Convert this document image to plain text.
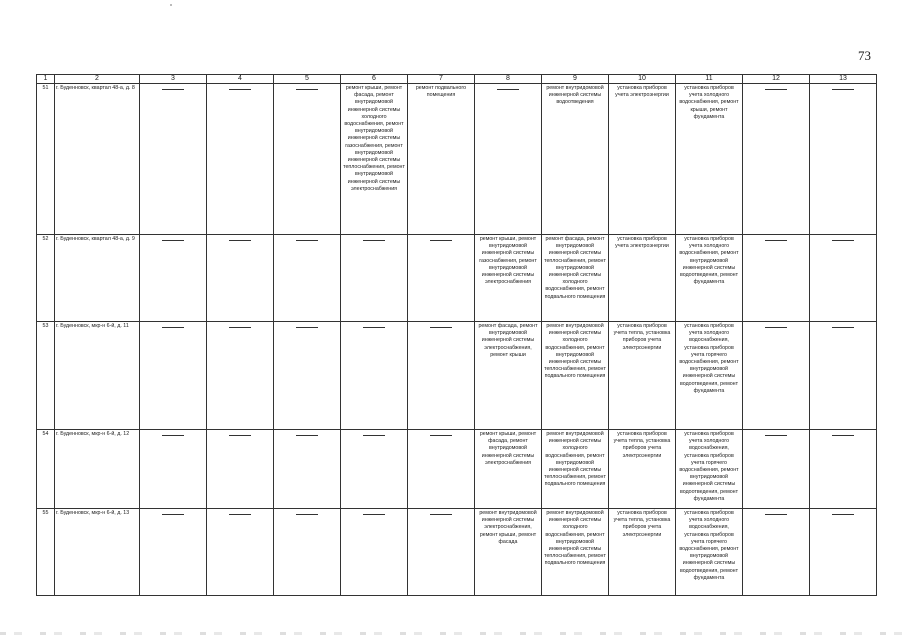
73
1	2	3	4	5	6	7	8	9	10	11	12	13
51	г. Буденновск, квартал 48-а, д. 8				ремонт крыши, ремонт фасада, ремонт внутридомовой инженерной системы холодного водоснабжения, ремонт внутридомовой инженерной системы газоснабжения, ремонт внутридомовой инженерной системы теплоснабжения, ремонт внутридомовой инженерной системы электроснабжения	ремонт подвального помещения		ремонт внутридомовой инженерной системы водоотведения	установка приборов учета электроэнергии	установка приборов учета холодного водоснабжения, ремонт крыши, ремонт фундамента		
52	г. Буденновск, квартал 48-а, д. 9						ремонт крыши, ремонт внутридомовой инженерной системы газоснабжения, ремонт внутридомовой инженерной системы электроснабжения	ремонт фасада, ремонт внутридомовой инженерной системы теплоснабжения, ремонт внутридомовой инженерной системы холодного водоснабжения, ремонт подвального помещения	установка приборов учета электроэнергии	установка приборов учета холодного водоснабжения, ремонт внутридомовой инженерной системы водоотведения, ремонт фундамента		
53	г. Буденновск, мкр-н 6-й, д. 11						ремонт фасада, ремонт внутридомовой инженерной системы электроснабжения, ремонт крыши	ремонт внутридомовой инженерной системы холодного водоснабжения, ремонт внутридомовой инженерной системы теплоснабжения, ремонт подвального помещения	установка приборов учета тепла, установка приборов учета электроэнергии	установка приборов учета холодного водоснабжения, установка приборов учета горячего водоснабжения, ремонт внутридомовой инженерной системы водоотведения, ремонт фундамента		
54	г. Буденновск, мкр-н 6-й, д. 12						ремонт крыши, ремонт фасада, ремонт внутридомовой инженерной системы электроснабжения	ремонт внутридомовой инженерной системы холодного водоснабжения, ремонт внутридомовой инженерной системы теплоснабжения, ремонт подвального помещения	установка приборов учета тепла, установка приборов учета электроэнергии	установка приборов учета холодного водоснабжения, установка приборов учета горячего водоснабжения, ремонт внутридомовой инженерной системы водоотведения, ремонт фундамента		
55	г. Буденновск, мкр-н 6-й, д. 13						ремонт внутридомовой инженерной системы электроснабжения, ремонт крыши, ремонт фасада	ремонт внутридомовой инженерной системы холодного водоснабжения, ремонт внутридомовой инженерной системы теплоснабжения, ремонт подвального помещения	установка приборов учета тепла, установка приборов учета электроэнергии	установка приборов учета холодного водоснабжения, установка приборов учета горячего водоснабжения, ремонт внутридомовой инженерной системы водоотведения, ремонт фундамента		
